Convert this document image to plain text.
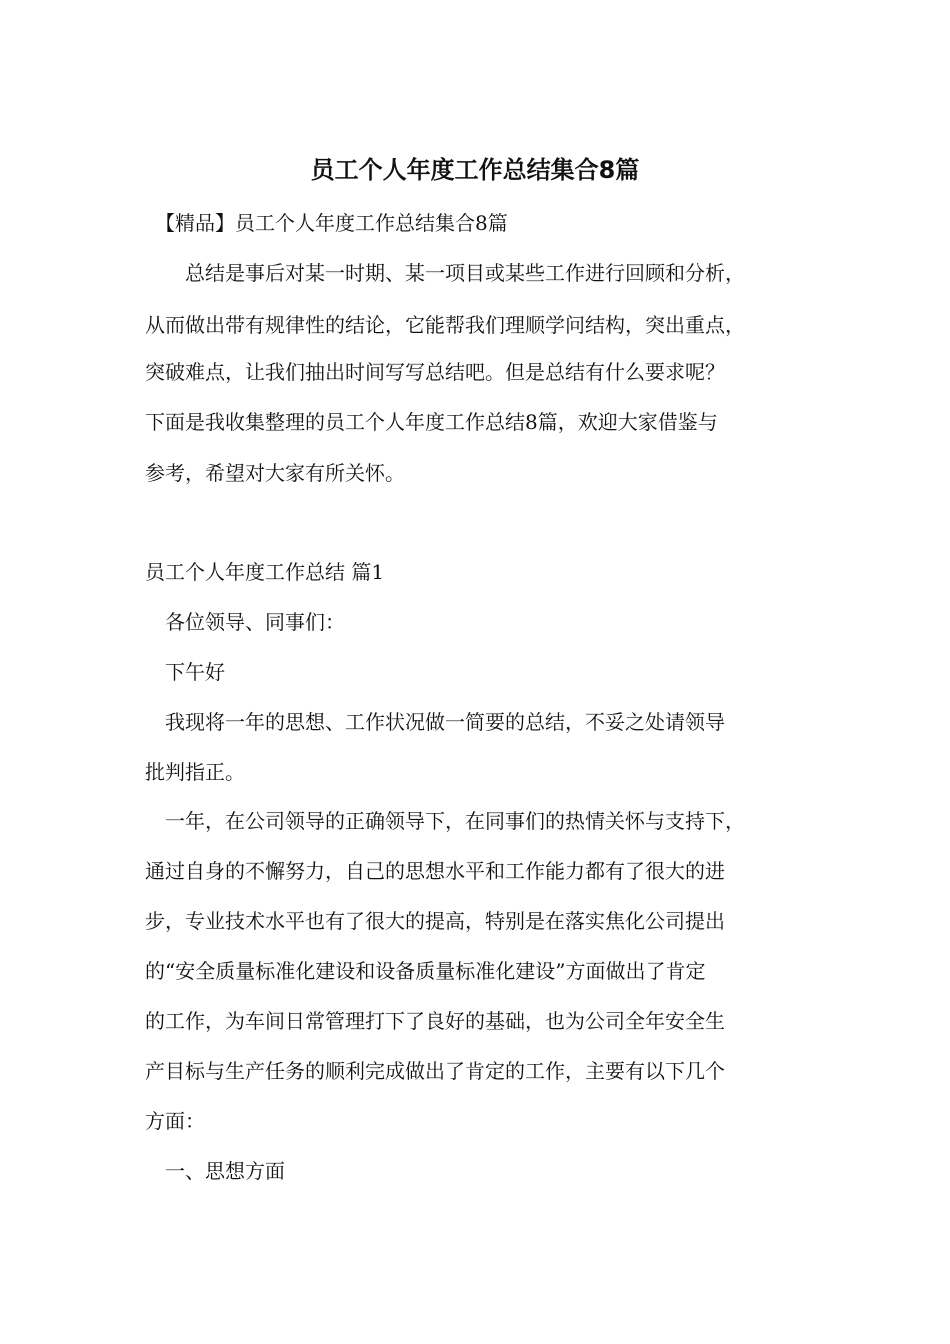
员工个人年度工作总结集合8篇

　【精品】员工个人年度工作总结集合8篇

　　总结是事后对某一时期、某一项目或某些工作进行回顾和分析，

从而做出带有规律性的结论，它能帮我们理顺学问结构，突出重点，

突破难点，让我们抽出时间写写总结吧。但是总结有什么要求呢？

下面是我收集整理的员工个人年度工作总结8篇，欢迎大家借鉴与

参考，希望对大家有所关怀。

员工个人年度工作总结 篇1

　各位领导、同事们：

　下午好

　我现将一年的思想、工作状况做一简要的总结，不妥之处请领导

批判指正。

　一年，在公司领导的正确领导下，在同事们的热情关怀与支持下，

通过自身的不懈努力，自己的思想水平和工作能力都有了很大的进

步，专业技术水平也有了很大的提高，特别是在落实焦化公司提出

的“安全质量标准化建设和设备质量标准化建设”方面做出了肯定

的工作，为车间日常管理打下了良好的基础，也为公司全年安全生

产目标与生产任务的顺利完成做出了肯定的工作，主要有以下几个

方面：

　一、思想方面
